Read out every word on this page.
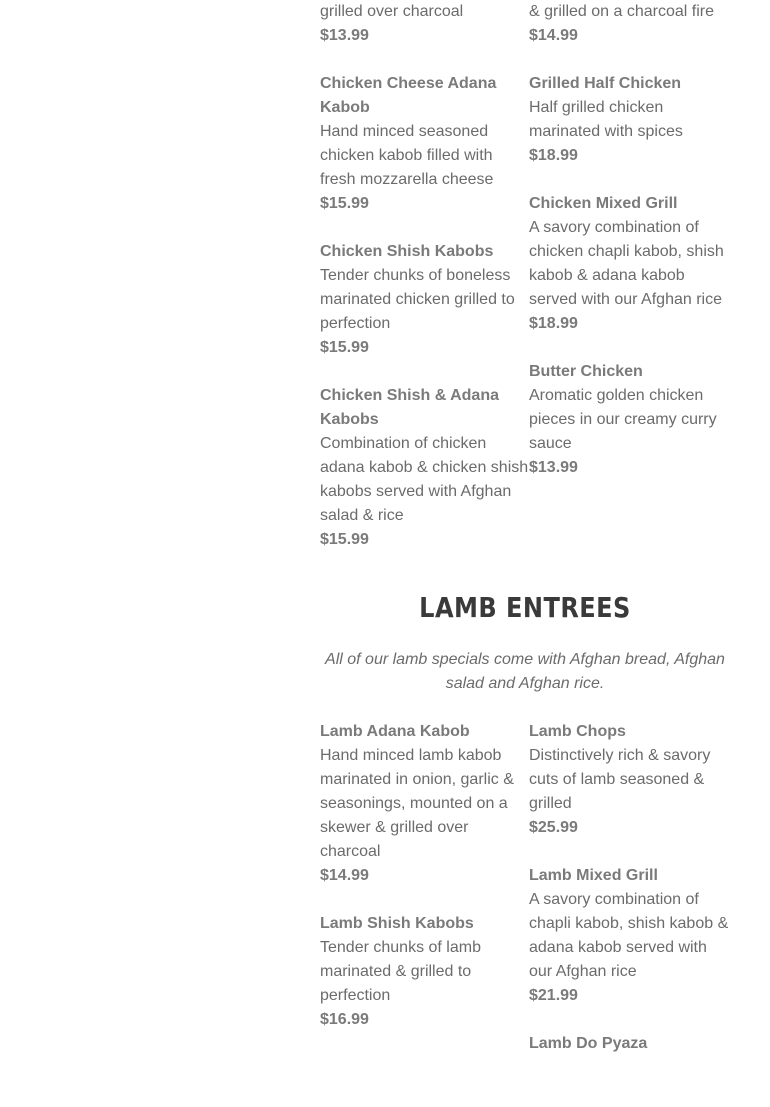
grilled over charcoal
$13.99
Chicken Cheese Adana Kabob
Hand minced seasoned chicken kabob filled with fresh mozzarella cheese
$15.99
Chicken Shish Kabobs
Tender chunks of boneless marinated chicken grilled to perfection
$15.99
Chicken Shish & Adana Kabobs
Combination of chicken adana kabob & chicken shish kabobs served with Afghan salad & rice
$15.99
& grilled on a charcoal fire
$14.99
Grilled Half Chicken
Half grilled chicken marinated with spices
$18.99
Chicken Mixed Grill
A savory combination of chicken chapli kabob, shish kabob & adana kabob served with our Afghan rice
$18.99
Butter Chicken
Aromatic golden chicken pieces in our creamy curry sauce
$13.99
LAMB ENTREES

All of our lamb specials come with Afghan bread, Afghan salad and Afghan rice.

Lamb Adana Kabob
Hand minced lamb kabob marinated in onion, garlic & seasonings, mounted on a skewer & grilled over charcoal
$14.99
Lamb Shish Kabobs
Tender chunks of lamb marinated & grilled to perfection
$16.99
Lamb Chops
Distinctively rich & savory cuts of lamb seasoned & grilled
$25.99
Lamb Mixed Grill
A savory combination of chapli kabob, shish kabob & adana kabob served with our Afghan rice
$21.99
Lamb Do Pyaza
